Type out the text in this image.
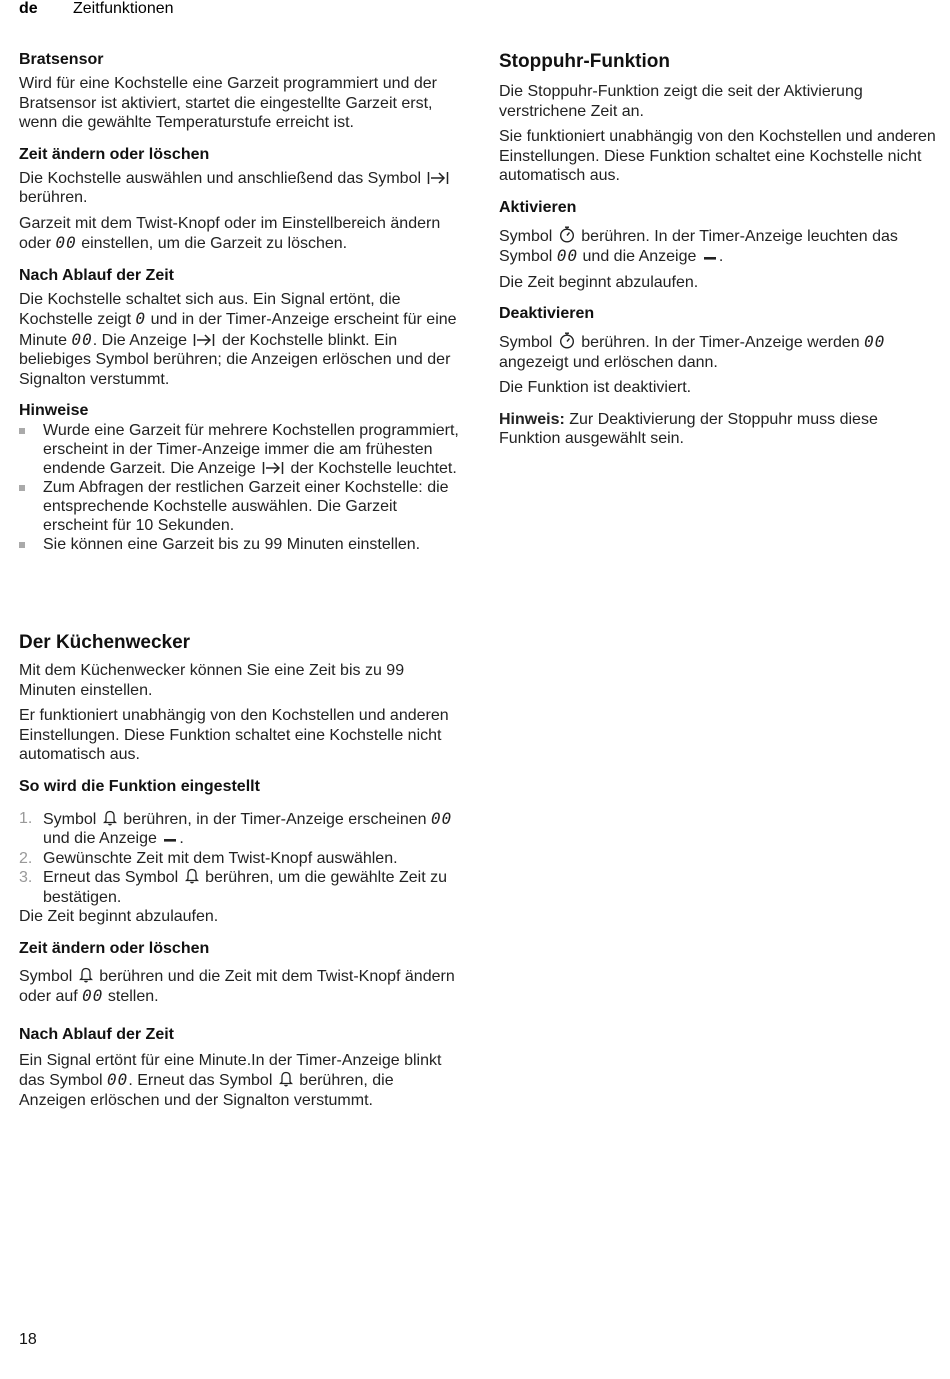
de Zeitfunktionen
Bratsensor

Wird für eine Kochstelle eine Garzeit programmiert und der Bratsensor ist aktiviert, startet die eingestellte Garzeit erst, wenn die gewählte Temperaturstufe erreicht ist.

Zeit ändern oder löschen

Die Kochstelle auswählen und anschließend das Symbol  berühren.

Garzeit mit dem Twist-Knopf oder im Einstellbereich ändern oder 00 einstellen, um die Garzeit zu löschen.

Nach Ablauf der Zeit

Die Kochstelle schaltet sich aus. Ein Signal ertönt, die Kochstelle zeigt 0 und in der Timer-Anzeige erscheint für eine Minute 00. Die Anzeige der Kochstelle blinkt. Ein beliebiges Symbol berühren; die Anzeigen erlöschen und der Signalton verstummt.

Hinweise
Wurde eine Garzeit für mehrere Kochstellen programmiert, erscheint in der Timer-Anzeige immer die am frühesten endende Garzeit. Die Anzeige der Kochstelle leuchtet.
Zum Abfragen der restlichen Garzeit einer Kochstelle: die entsprechende Kochstelle auswählen. Die Garzeit erscheint für 10 Sekunden.
Sie können eine Garzeit bis zu 99 Minuten einstellen.
Der Küchenwecker

Mit dem Küchenwecker können Sie eine Zeit bis zu 99 Minuten einstellen.

Er funktioniert unabhängig von den Kochstellen und anderen Einstellungen. Diese Funktion schaltet eine Kochstelle nicht automatisch aus.

So wird die Funktion eingestellt
1. Symbol berühren, in der Timer-Anzeige erscheinen 00 und die Anzeige .
2. Gewünschte Zeit mit dem Twist-Knopf auswählen.
3. Erneut das Symbol berühren, um die gewählte Zeit zu bestätigen.

Die Zeit beginnt abzulaufen.

Zeit ändern oder löschen

Symbol berühren und die Zeit mit dem Twist-Knopf ändern oder auf 00 stellen.

Nach Ablauf der Zeit

Ein Signal ertönt für eine Minute.In der Timer-Anzeige blinkt das Symbol 00. Erneut das Symbol berühren, die Anzeigen erlöschen und der Signalton verstummt.

Stoppuhr-Funktion

Die Stoppuhr-Funktion zeigt die seit der Aktivierung verstrichene Zeit an.

Sie funktioniert unabhängig von den Kochstellen und anderen Einstellungen. Diese Funktion schaltet eine Kochstelle nicht automatisch aus.

Aktivieren

Symbol berühren. In der Timer-Anzeige leuchten das Symbol 00 und die Anzeige .

Die Zeit beginnt abzulaufen.

Deaktivieren

Symbol berühren. In der Timer-Anzeige werden 00 angezeigt und erlöschen dann.

Die Funktion ist deaktiviert.

Hinweis: Zur Deaktivierung der Stoppuhr muss diese Funktion ausgewählt sein.

18
